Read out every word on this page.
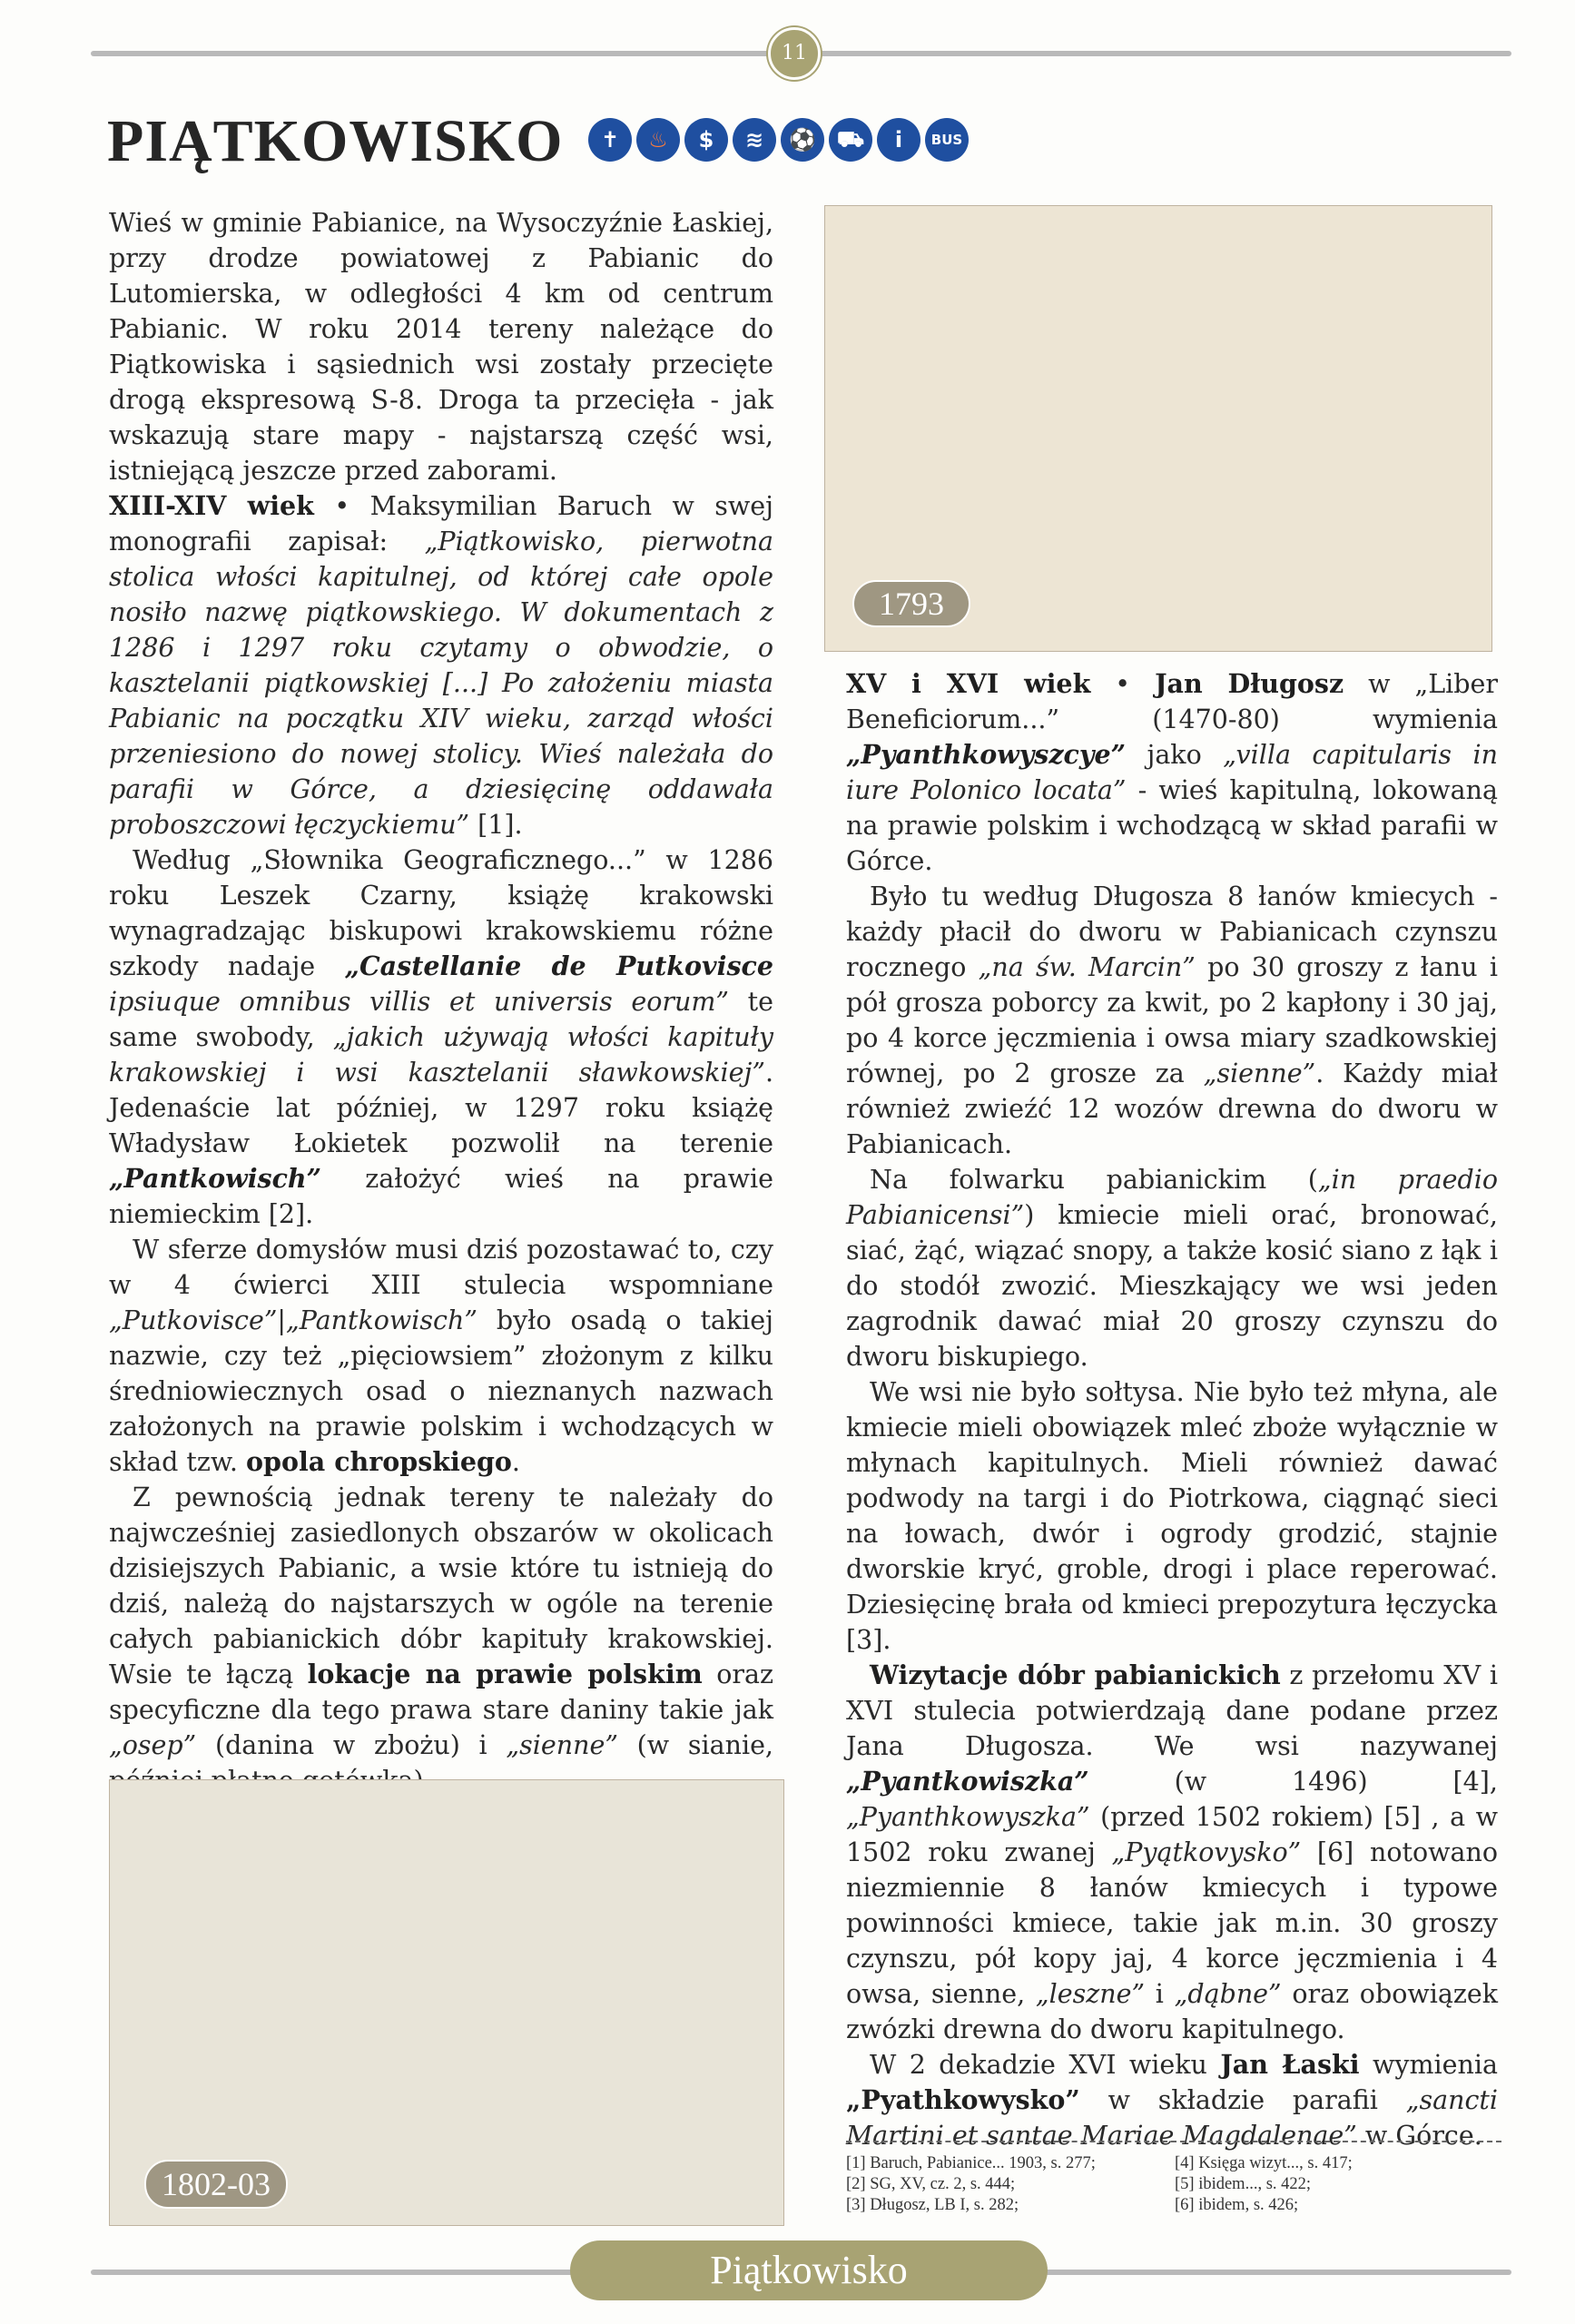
11
PIĄTKOWISKO	✝	♨	$	≋	⚽ ⛟	i	BUS

Wieś w gminie Pabianice, na Wysoczyźnie Łaskiej, przy drodze powiatowej z Pabianic do Lutomierska, w odległości 4 km od centrum Pabianic. W roku 2014 tereny należące do Piątkowiska i sąsiednich wsi zostały przecięte drogą ekspresową S-8. Droga ta przecięła - jak wskazują stare mapy - najstarszą część wsi, istniejącą jeszcze przed zaborami.

XIII-XIV wiek • Maksymilian Baruch w swej monografii zapisał: „Piątkowisko, pierwotna stolica włości kapitulnej, od której całe opole nosiło nazwę piątkowskiego. W dokumentach z 1286 i 1297 roku czytamy o obwodzie, o kasztelanii piątkowskiej [...] Po założeniu miasta Pabianic na początku XIV wieku, zarząd włości przeniesiono do nowej stolicy. Wieś należała do parafii w Górce, a dziesięcinę oddawała proboszczowi łęczyckiemu” [1].

Według „Słownika Geograficznego...” w 1286 roku Leszek Czarny, książę krakowski wynagradzając biskupowi krakowskiemu różne szkody nadaje „Castellanie de Putkovisce ipsiuque omnibus villis et universis eorum” te same swobody, „jakich używają włości kapituły krakowskiej i wsi kasztelanii sławkowskiej”. Jedenaście lat później, w 1297 roku książę Władysław Łokietek pozwolił na terenie „Pantkowisch” założyć wieś na prawie niemieckim [2].

W sferze domysłów musi dziś pozostawać to, czy w 4 ćwierci XIII stulecia wspomniane „Putkovisce”|„Pantkowisch” było osadą o takiej nazwie, czy też „pięciowsiem” złożonym z kilku średniowiecznych osad o nieznanych nazwach założonych na prawie polskim i wchodzących w skład tzw. opola chropskiego.

Z pewnością jednak tereny te należały do najwcześniej zasiedlonych obszarów w okolicach dzisiejszych Pabianic, a wsie które tu istnieją do dziś, należą do najstarszych w ogóle na terenie całych pabianickich dóbr kapituły krakowskiej. Wsie te łączą lokacje na prawie polskim oraz specyficzne dla tego prawa stare daniny takie jak „osep” (danina w zbożu) i „sienne” (w sianie,

1793

XV i XVI wiek • Jan Długosz w „Liber Beneficiorum...” (1470-80) wymienia „Pyanthkowyszcye” jako „villa capitularis in iure Polonico locata” - wieś kapitulną, lokowaną na prawie polskim i wchodzącą w skład parafii w Górce.

Było tu według Długosza 8 łanów kmiecych - każdy płacił do dworu w Pabianicach czynszu rocznego „na św. Marcin” po 30 groszy z łanu i pół grosza poborcy za kwit, po 2 kapłony i 30 jaj, po 4 korce jęczmienia i owsa miary szadkowskiej równej, po 2 grosze za „sienne”. Każdy miał również zwieźć 12 wozów drewna do dworu w Pabianicach.

Na folwarku pabianickim („in praedio Pabianicensi”) kmiecie mieli orać, bronować, siać, żąć, wiązać snopy, a także kosić siano z łąk i do stodół zwozić. Mieszkający we wsi jeden zagrodnik dawać miał 20 groszy czynszu do dworu biskupiego.

We wsi nie było sołtysa. Nie było też młyna, ale kmiecie mieli obowiązek mleć zboże wyłącznie w młynach kapitulnych. Mieli również dawać podwody na targi i do Piotrkowa, ciągnąć sieci na łowach, dwór i ogrody grodzić, stajnie dworskie kryć, groble, drogi i place reperować. Dziesięcinę brała od kmieci prepozytura łęczycka [3].

Wizytacje dóbr pabianickich z przełomu XV i XVI stulecia potwierdzają dane podane przez Jana Długosza. We wsi nazywanej „Pyantkowiszka” (w 1496) [4], „Pyanthkowyszka” (przed 1502 rokiem) [5] , a w 1502 roku zwanej „Pyątkovysko” [6] notowano niezmiennie 8 łanów kmiecych i typowe powinności kmiece, takie jak m.in. 30 groszy czynszu, pół kopy jaj, 4 korce jęczmienia i 4 owsa, sienne, „leszne” i „dąbne” oraz obowiązek zwózki drewna do dworu kapitulnego.

W 2 dekadzie XVI wieku Jan Łaski wymienia „Pyathkowysko” w składzie parafii „sancti Martini et santae Mariae Magdalenae” w Górce.

1802-03
[1] Baruch, Pabianice... 1903, s. 277;
[2] SG, XV, cz. 2, s. 444;
[3] Długosz, LB I, s. 282;
[4] Księga wizyt..., s. 417;
[5] ibidem..., s. 422;
[6] ibidem, s. 426;
Piątkowisko
